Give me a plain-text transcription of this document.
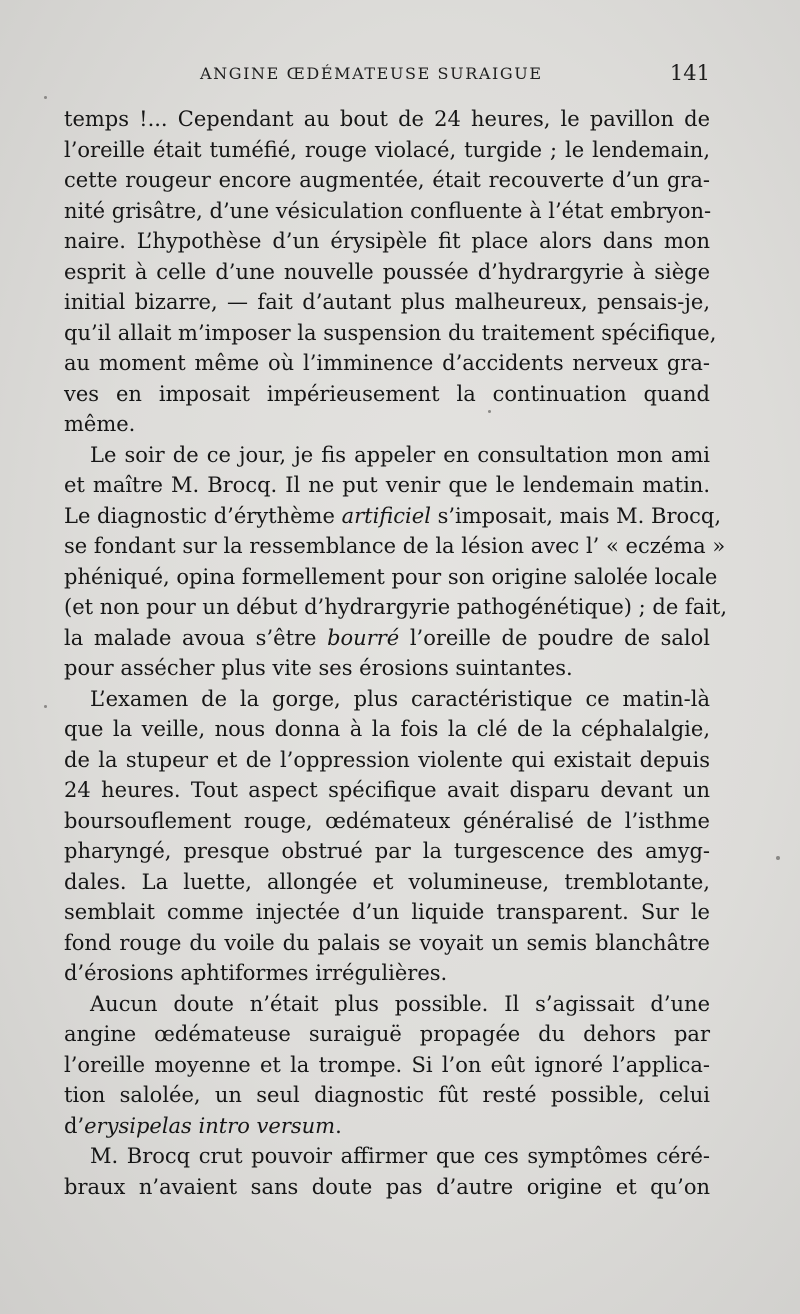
ANGINE ŒDÉMATEUSE SURAIGUE	141
temps !... Cependant au bout de 24 heures, le pavillon de
l’oreille était tuméfié, rouge violacé, turgide ; le lendemain,
cette rougeur encore augmentée, était recouverte d’un gra-
nité grisâtre, d’une vésiculation confluente à l’état embryon-
naire. L’hypothèse d’un érysipèle fit place alors dans mon
esprit à celle d’une nouvelle poussée d’hydrargyrie à siège
initial bizarre, — fait d’autant plus malheureux, pensais-je,
qu’il allait m’imposer la suspension du traitement spécifique,
au moment même où l’imminence d’accidents nerveux gra-
ves en imposait impérieusement la continuation quand
même.
Le soir de ce jour, je fis appeler en consultation mon ami
et maître M. Brocq. Il ne put venir que le lendemain matin.
Le diagnostic d’érythème artificiel s’imposait, mais M. Brocq,
se fondant sur la ressemblance de la lésion avec l’ « eczéma »
phéniqué, opina formellement pour son origine salolée locale
(et non pour un début d’hydrargyrie pathogénétique) ; de fait,
la malade avoua s’être bourré l’oreille de poudre de salol
pour assécher plus vite ses érosions suintantes.
L’examen de la gorge, plus caractéristique ce matin-là
que la veille, nous donna à la fois la clé de la céphalalgie,
de la stupeur et de l’oppression violente qui existait depuis
24 heures. Tout aspect spécifique avait disparu devant un
boursouflement rouge, œdémateux généralisé de l’isthme
pharyngé, presque obstrué par la turgescence des amyg-
dales. La luette, allongée et volumineuse, tremblotante,
semblait comme injectée d’un liquide transparent. Sur le
fond rouge du voile du palais se voyait un semis blanchâtre
d’érosions aphtiformes irrégulières.
Aucun doute n’était plus possible. Il s’agissait d’une
angine œdémateuse suraiguë propagée du dehors par
l’oreille moyenne et la trompe. Si l’on eût ignoré l’applica-
tion salolée, un seul diagnostic fût resté possible, celui
d’erysipelas intro versum.
M. Brocq crut pouvoir affirmer que ces symptômes céré-
braux n’avaient sans doute pas d’autre origine et qu’on
